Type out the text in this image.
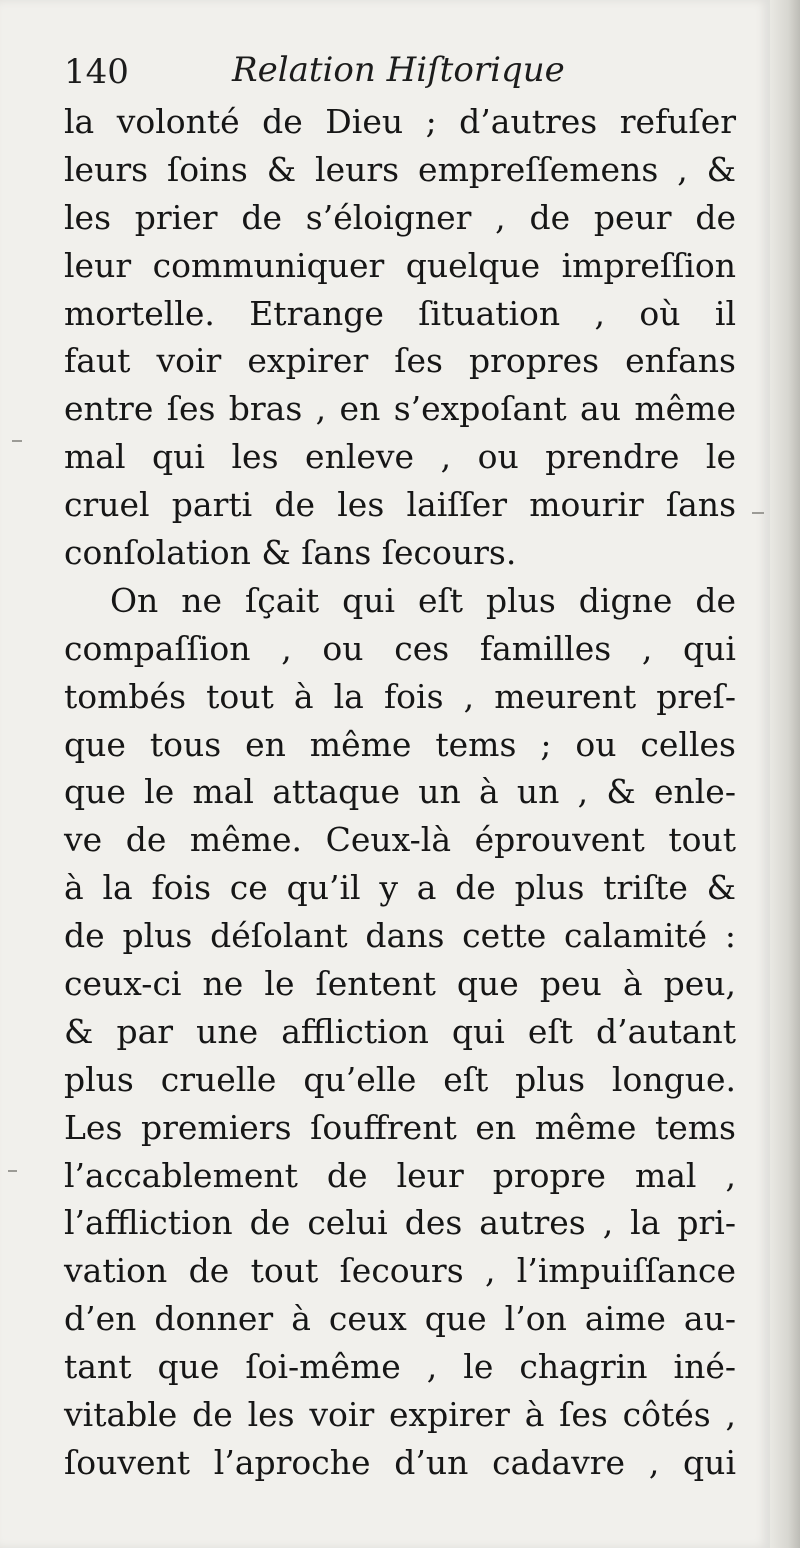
140	Relation Hiſtorique
la volonté de Dieu ; d’autres refuſer
leurs ſoins & leurs empreſſemens , &
les prier de s’éloigner , de peur de
leur communiquer quelque impreſſion
mortelle. Etrange ſituation , où il
faut voir expirer ſes propres enfans
entre ſes bras , en s’expoſant au même
mal qui les enleve , ou prendre le
cruel parti de les laiſſer mourir ſans
conſolation & ſans ſecours.
On ne ſçait qui eſt plus digne de
compaſſion , ou ces familles , qui
tombés tout à la fois , meurent preſ-
que tous en même tems ; ou celles
que le mal attaque un à un , & enle-
ve de même. Ceux-là éprouvent tout
à la fois ce qu’il y a de plus triſte &
de plus déſolant dans cette calamité :
ceux-ci ne le ſentent que peu à peu,
& par une affliction qui eſt d’autant
plus cruelle qu’elle eſt plus longue.
Les premiers ſouffrent en même tems
l’accablement de leur propre mal ,
l’affliction de celui des autres , la pri-
vation de tout ſecours , l’impuiſſance
d’en donner à ceux que l’on aime au-
tant que ſoi-même , le chagrin iné-
vitable de les voir expirer à ſes côtés ,
ſouvent l’aproche d’un cadavre , qui
